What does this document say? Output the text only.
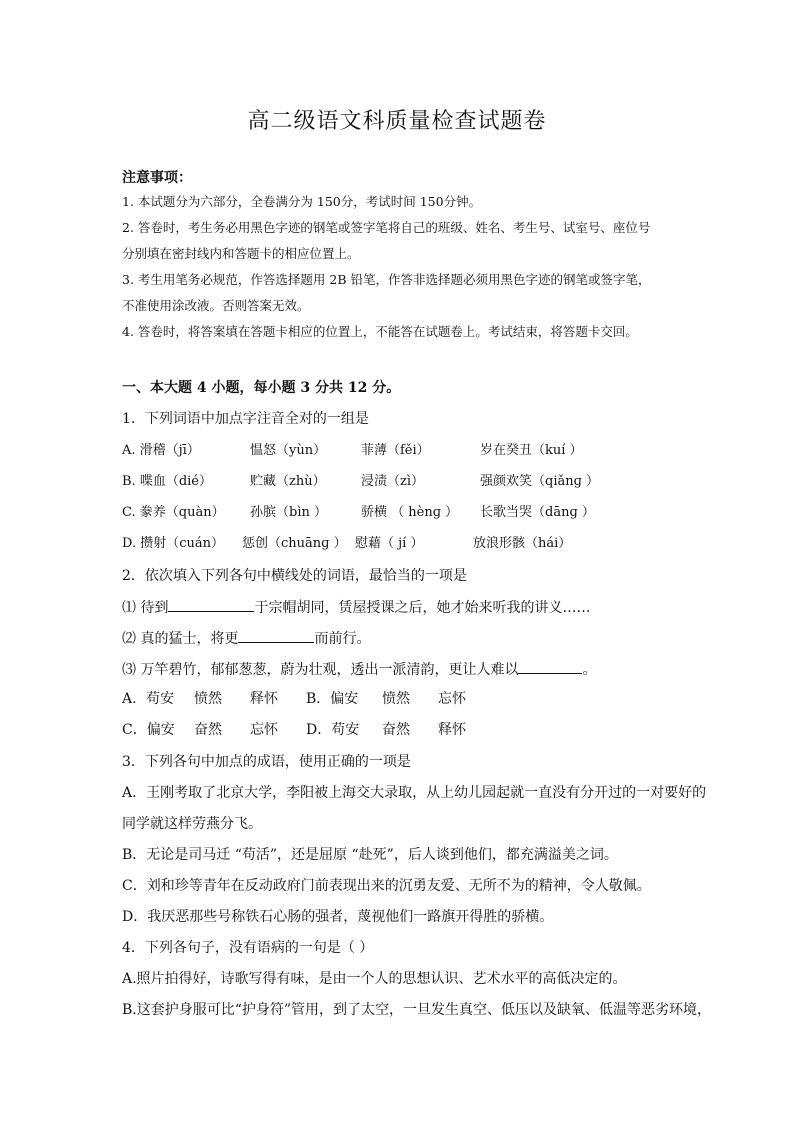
高二级语文科质量检查试题卷
注意事项：
1. 本试题分为六部分，全卷满分为 150分，考试时间 150分钟。
2. 答卷时，考生务必用黑色字迹的钢笔或签字笔将自己的班级、姓名、考生号、试室号、座位号
分别填在密封线内和答题卡的相应位置上。
3. 考生用笔务必规范，作答选择题用 2B 铅笔，作答非选择题必须用黑色字迹的钢笔或签字笔，
不准使用涂改液。否则答案无效。
4. 答卷时，将答案填在答题卡相应的位置上，不能答在试题卷上。考试结束，将答题卡交回。
一、本大题 4 小题，每小题 3 分共 12 分。
1．下列词语中加点字注音全对的一组是
A. 滑稽（jī）	愠怒（yùn）	菲薄（fěi）	岁在癸丑（kuí ）
B. 喋血（dié）	贮藏（zhù）	浸渍（zì）	强颜欢笑（qiǎnɡ ）
C. 豢养（quàn） 孙膑（bìn ）	骄横 （ hènɡ ） 长歌当哭（dānɡ ）
D. 攒射（cuán） 惩创（chuānɡ ） 慰藉（ jí ）	放浪形骸（hái）
2．依次填入下列各句中横线处的词语，最恰当的一项是
⑴ 待到	于宗帽胡同，赁屋授课之后，她才始来听我的讲义……
⑵ 真的猛士，将更	而前行。
⑶ 万竿碧竹，郁郁葱葱，蔚为壮观，透出一派清韵，更让人难以	。
A．苟安 愤然 释怀 B．偏安 愤然 忘怀
C．偏安 奋然 忘怀 D．苟安 奋然 释怀
3．下列各句中加点的成语，使用正确的一项是
A．王刚考取了北京大学，李阳被上海交大录取，从上幼儿园起就一直没有分开过的一对要好的
同学就这样劳燕分飞。
B．无论是司马迁 “苟活”，还是屈原 “赴死”，后人谈到他们，都充满溢美之词。
C．刘和珍等青年在反动政府门前表现出来的沉勇友爱、无所不为的精神，令人敬佩。
D．我厌恶那些号称铁石心肠的强者，蔑视他们一路旗开得胜的骄横。
4．下列各句子，没有语病的一句是（ ）
A.照片拍得好，诗歌写得有味，是由一个人的思想认识、艺术水平的高低决定的。
B.这套护身服可比“护身符”管用，到了太空，一旦发生真空、低压以及缺氧、低温等恶劣环境，
